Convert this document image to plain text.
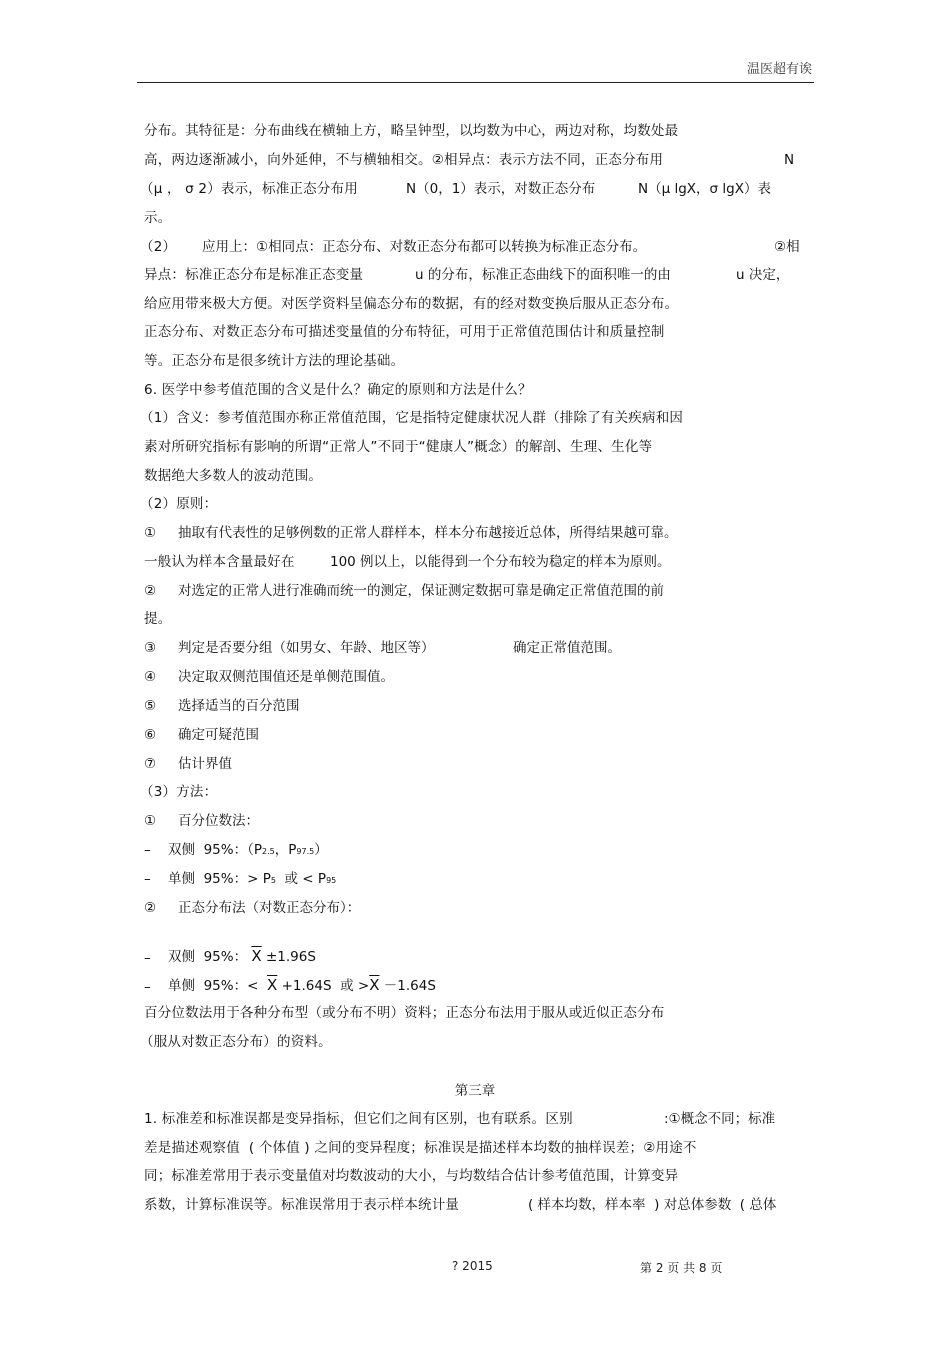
温医超有诶
分布。其特征是：分布曲线在横轴上方，略呈钟型，以均数为中心，两边对称，均数处最
高，两边逐渐减小，向外延伸，不与横轴相交。②相异点：表示方法不同，正态分布用	N
（μ ， σ 2）表示，标准正态分布用	N（0，1）表示，对数正态分布	N（μ lgX，σ lgX）表
示。
（2） 应用上：①相同点：正态分布、对数正态分布都可以转换为标准正态分布。	②相
异点：标准正态分布是标准正态变量	u 的分布，标准正态曲线下的面积唯一的由	u 决定，
给应用带来极大方便。对医学资料呈偏态分布的数据，有的经对数变换后服从正态分布。
正态分布、对数正态分布可描述变量值的分布特征，可用于正常值范围估计和质量控制
等。正态分布是很多统计方法的理论基础。
6. 医学中参考值范围的含义是什么？确定的原则和方法是什么？
（1）含义：参考值范围亦称正常值范围，它是指特定健康状况人群（排除了有关疾病和因
素对所研究指标有影响的所谓“正常人”不同于“健康人”概念）的解剖、生理、生化等
数据绝大多数人的波动范围。
（2）原则：
① 抽取有代表性的足够例数的正常人群样本，样本分布越接近总体，所得结果越可靠。
一般认为样本含量最好在	100 例以上，以能得到一个分布较为稳定的样本为原则。
② 对选定的正常人进行准确而统一的测定，保证测定数据可靠是确定正常值范围的前
提。
③ 判定是否要分组（如男女、年龄、地区等）	确定正常值范围。
④ 决定取双侧范围值还是单侧范围值。
⑤ 选择适当的百分范围
⑥ 确定可疑范围
⑦ 估计界值
（3）方法：
① 百分位数法：
– 双侧  95%：（P2.5，P97.5）
– 单侧  95%：> P5  或 < P95
② 正态分布法（对数正态分布）：
– 双侧  95%： $\overline{X} \pm 1.96S$
– 单侧  95%：< $\overline{X} +1.64S$  或 $>\overline{X} -1.64S$
百分位数法用于各种分布型（或分布不明）资料；正态分布法用于服从或近似正态分布
（服从对数正态分布）的资料。
第三章
1. 标准差和标准误都是变异指标，但它们之间有区别，也有联系。区别	:①概念不同；标准
差是描述观察值  ( 个体值 ) 之间的变异程度；标准误是描述样本均数的抽样误差；②用途不
同；标准差常用于表示变量值对均数波动的大小，与均数结合估计参考值范围，计算变异
系数，计算标准误等。标准误常用于表示样本统计量	( 样本均数，样本率  ) 对总体参数  ( 总体
? 2015	第 2 页 共 8 页
